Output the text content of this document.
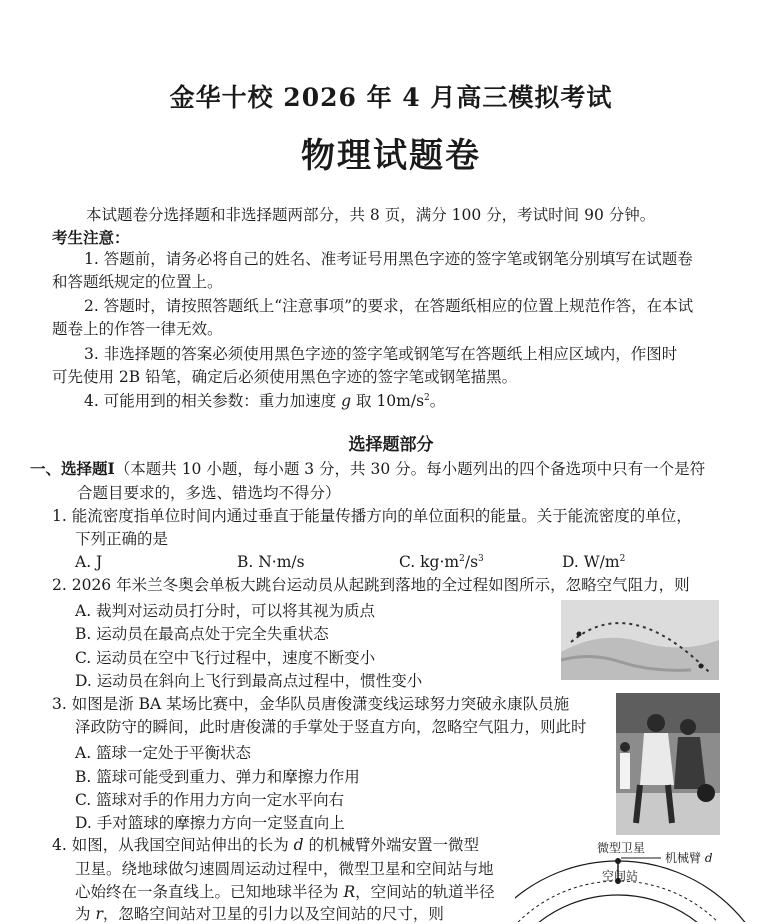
金华十校 2026 年 4 月高三模拟考试
物理试题卷
本试题卷分选择题和非选择题两部分，共 8 页，满分 100 分，考试时间 90 分钟。
考生注意：
1. 答题前，请务必将自己的姓名、准考证号用黑色字迹的签字笔或钢笔分别填写在试题卷
和答题纸规定的位置上。
2. 答题时，请按照答题纸上“注意事项”的要求，在答题纸相应的位置上规范作答，在本试
题卷上的作答一律无效。
3. 非选择题的答案必须使用黑色字迹的签字笔或钢笔写在答题纸上相应区域内，作图时
可先使用 2B 铅笔，确定后必须使用黑色字迹的签字笔或钢笔描黑。
4. 可能用到的相关参数：重力加速度 g 取 $10m/s^2$。
选择题部分
一、选择题Ⅰ（本题共 10 小题，每小题 3 分，共 30 分。每小题列出的四个备选项中只有一个是符
合题目要求的，多选、错选均不得分）
1. 能流密度指单位时间内通过垂直于能量传播方向的单位面积的能量。关于能流密度的单位，
下列正确的是
A. J	B. N·m/s	C. $kg\cdot m^2/s^3$	D. $W/m^2$
2. 2026 年米兰冬奥会单板大跳台运动员从起跳到落地的全过程如图所示，忽略空气阻力，则
A. 裁判对运动员打分时，可以将其视为质点
B. 运动员在最高点处于完全失重状态
C. 运动员在空中飞行过程中，速度不断变小
D. 运动员在斜向上飞行到最高点过程中，惯性变小
3. 如图是浙 BA 某场比赛中，金华队员唐俊潇变线运球努力突破永康队员施
泽政防守的瞬间，此时唐俊潇的手掌处于竖直方向，忽略空气阻力，则此时
A. 篮球一定处于平衡状态
B. 篮球可能受到重力、弹力和摩擦力作用
C. 篮球对手的作用力方向一定水平向右
D. 手对篮球的摩擦力方向一定竖直向上
4. 如图，从我国空间站伸出的长为 d 的机械臂外端安置一微型
卫星。绕地球做匀速圆周运动过程中，微型卫星和空间站与地
心始终在一条直线上。已知地球半径为 R，空间站的轨道半径
为 r，忽略空间站对卫星的引力以及空间站的尺寸，则
微型卫星
机械臂 d
空间站
